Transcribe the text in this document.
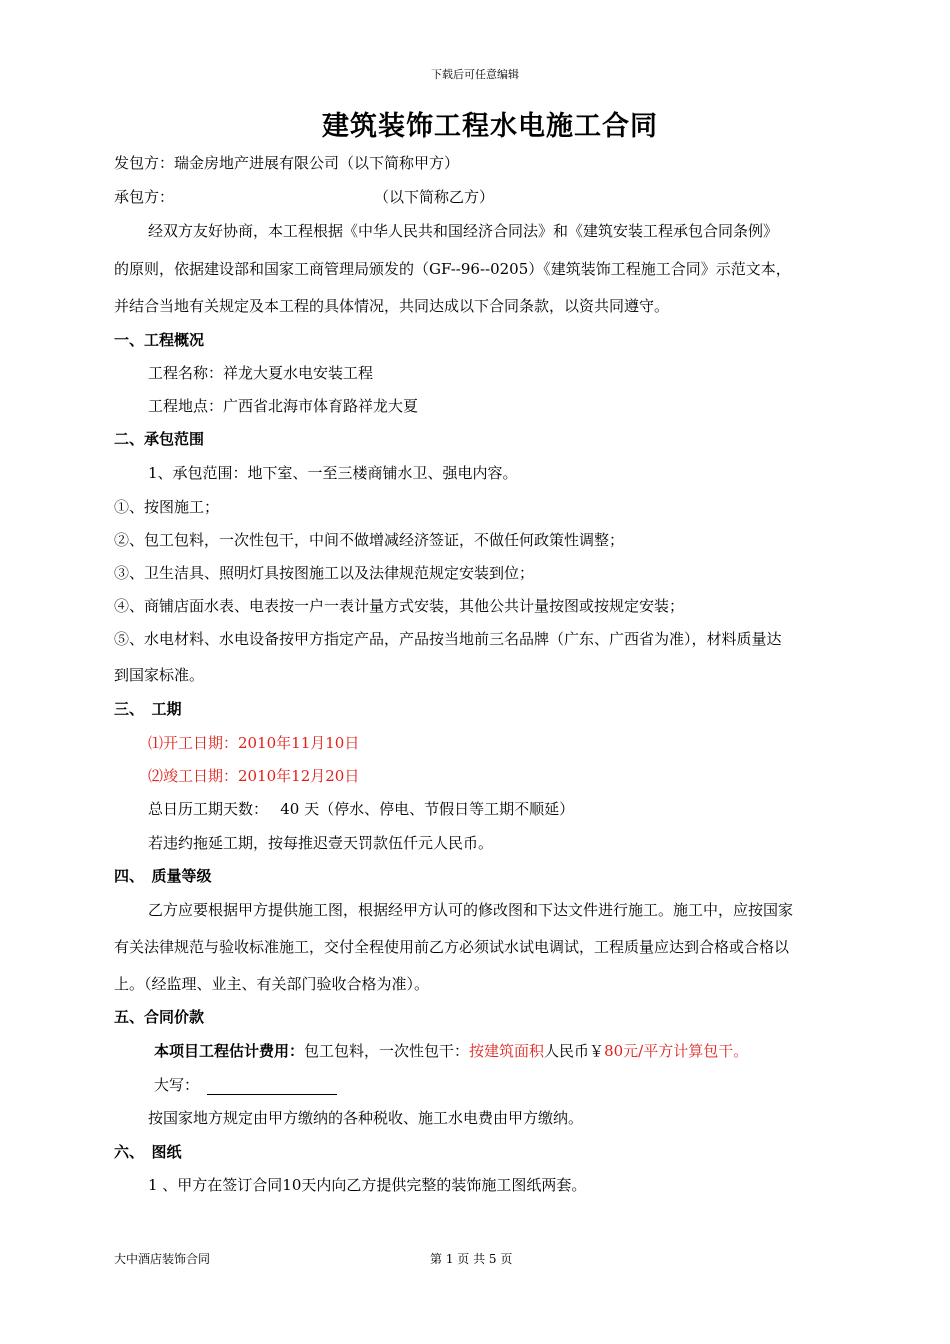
下载后可任意编辑
建筑装饰工程水电施工合同
发包方：瑞金房地产进展有限公司（以下简称甲方）
承包方：	（以下简称乙方）
经双方友好协商，本工程根据《中华人民共和国经济合同法》和《建筑安装工程承包合同条例》
的原则，依据建设部和国家工商管理局颁发的（GF--96--0205）《建筑装饰工程施工合同》示范文本，
并结合当地有关规定及本工程的具体情况，共同达成以下合同条款，以资共同遵守。
一、工程概况
工程名称：祥龙大夏水电安装工程
工程地点：广西省北海市体育路祥龙大夏
二、承包范围
1、承包范围：地下室、一至三楼商铺水卫、强电内容。
①、按图施工；
②、包工包料，一次性包干，中间不做增减经济签证，不做任何政策性调整；
③、卫生洁具、照明灯具按图施工以及法律规范规定安装到位；
④、商铺店面水表、电表按一户一表计量方式安装，其他公共计量按图或按规定安装；
⑤、水电材料、水电设备按甲方指定产品，产品按当地前三名品牌（广东、广西省为准），材料质量达
到国家标准。
三、　工期
⑴开工日期：2010年11月10日
⑵竣工日期：2010年12月20日
总日历工期天数：　 40 天（停水、停电、节假日等工期不顺延）
若违约拖延工期，按每推迟壹天罚款伍仟元人民币。
四、　质量等级
乙方应要根据甲方提供施工图，根据经甲方认可的修改图和下达文件进行施工。施工中，应按国家
有关法律规范与验收标准施工，交付全程使用前乙方必须试水试电调试，工程质量应达到合格或合格以
上。（经监理、业主、有关部门验收合格为准）。
五、合同价款
本项目工程估计费用：包工包料，一次性包干：按建筑面积人民币￥80元/平方计算包干。
大写：
按国家地方规定由甲方缴纳的各种税收、施工水电费由甲方缴纳。
六、　图纸
1 、甲方在签订合同10天内向乙方提供完整的装饰施工图纸两套。
大中酒店装饰合同	第 1 页 共 5 页
